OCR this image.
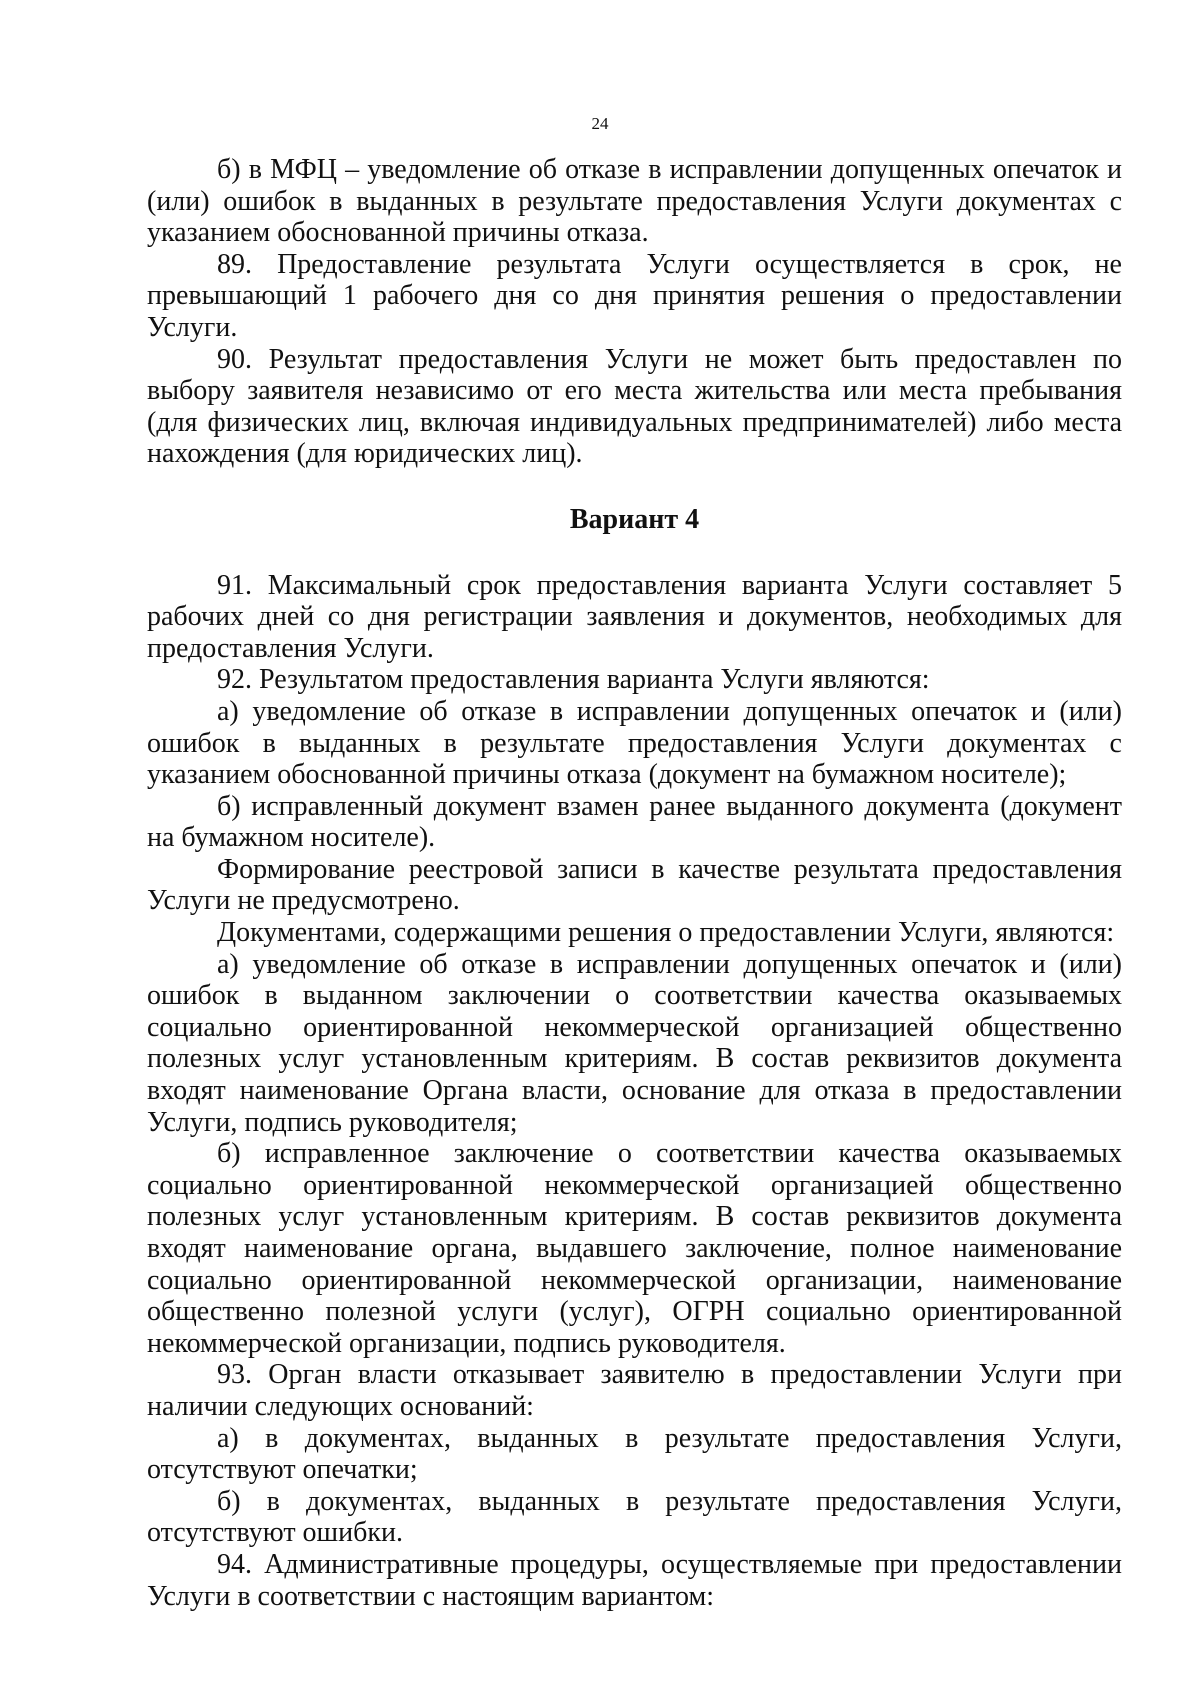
24

б) в МФЦ – уведомление об отказе в исправлении допущенных опечаток и (или) ошибок в выданных в результате предоставления Услуги документах с указанием обоснованной причины отказа.

89. Предоставление результата Услуги осуществляется в срок, не превышающий 1 рабочего дня со дня принятия решения о предоставлении Услуги.

90. Результат предоставления Услуги не может быть предоставлен по выбору заявителя независимо от его места жительства или места пребывания (для физических лиц, включая индивидуальных предпринимателей) либо места нахождения (для юридических лиц).

Вариант 4

91. Максимальный срок предоставления варианта Услуги составляет 5 рабочих дней со дня регистрации заявления и документов, необходимых для предоставления Услуги.

92. Результатом предоставления варианта Услуги являются:

а) уведомление об отказе в исправлении допущенных опечаток и (или) ошибок в выданных в результате предоставления Услуги документах с указанием обоснованной причины отказа (документ на бумажном носителе);

б) исправленный документ взамен ранее выданного документа (документ на бумажном носителе).

Формирование реестровой записи в качестве результата предоставления Услуги не предусмотрено.

Документами, содержащими решения о предоставлении Услуги, являются:

а) уведомление об отказе в исправлении допущенных опечаток и (или) ошибок в выданном заключении о соответствии качества оказываемых социально ориентированной некоммерческой организацией общественно полезных услуг установленным критериям. В состав реквизитов документа входят наименование Органа власти, основание для отказа в предоставлении Услуги, подпись руководителя;

б) исправленное заключение о соответствии качества оказываемых социально ориентированной некоммерческой организацией общественно полезных услуг установленным критериям. В состав реквизитов документа входят наименование органа, выдавшего заключение, полное наименование социально ориентированной некоммерческой организации, наименование общественно полезной услуги (услуг), ОГРН социально ориентированной некоммерческой организации, подпись руководителя.

93. Орган власти отказывает заявителю в предоставлении Услуги при наличии следующих оснований:

а) в документах, выданных в результате предоставления Услуги, отсутствуют опечатки;

б) в документах, выданных в результате предоставления Услуги, отсутствуют ошибки.

94. Административные процедуры, осуществляемые при предоставлении Услуги в соответствии с настоящим вариантом:
